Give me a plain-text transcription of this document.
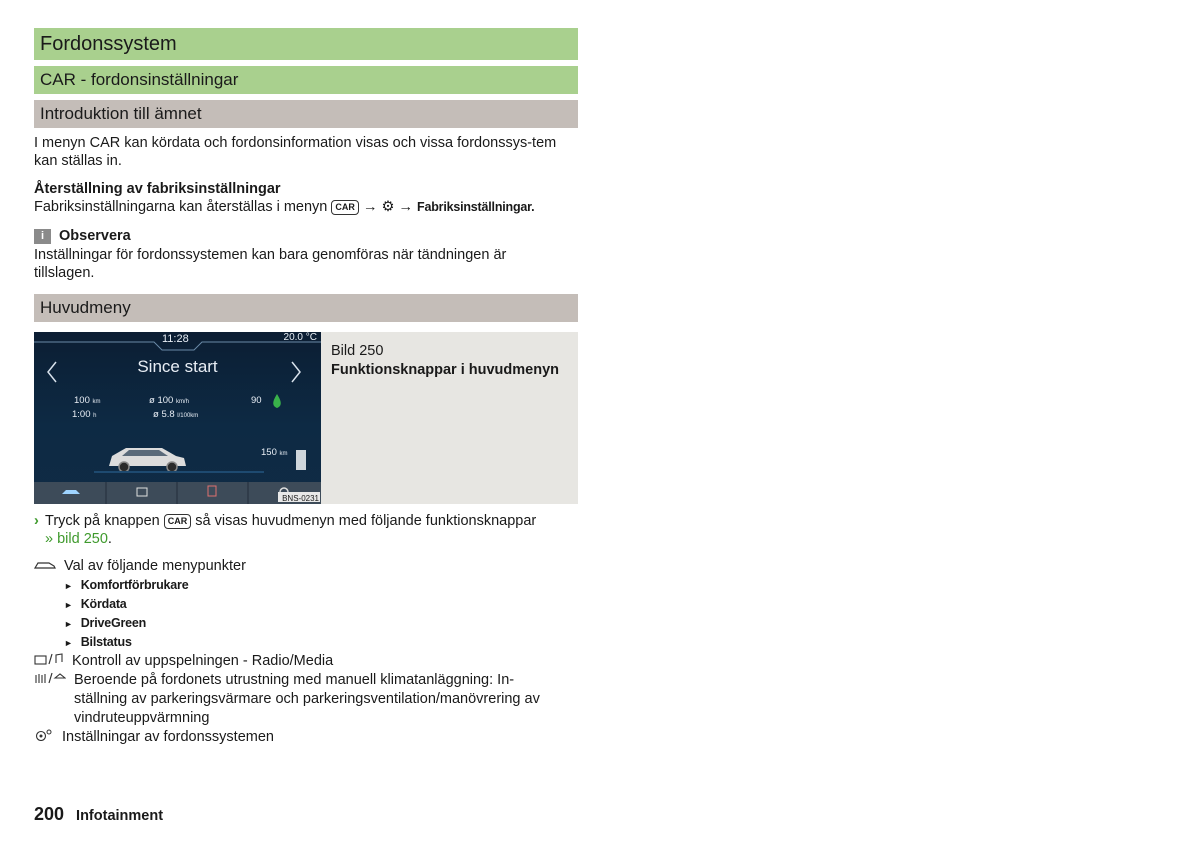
Fordonssystem
CAR - fordonsinställningar
Introduktion till ämnet

I menyn CAR kan kördata och fordonsinformation visas och vissa fordonssys-tem kan ställas in.

Återställning av fabriksinställningar

Fabriksinställningarna kan återställas i menyn CAR → ⚙ → Fabriksinställningar.

i	Observera

Inställningar för fordonssystemen kan bara genomföras när tändningen är tillslagen.

Huvudmeny
11:28	20.0 °C
Since start
100 km	ø 100 km/h	90
1:00 h	ø 5.8 l/100km
150 km
BNS-0231
Bild 250
Funktionsknappar i huvudmenyn
› Tryck på knappen CAR så visas huvudmenyn med följande funktionsknappar
» bild 250.
Val av följande menypunkter
► Komfortförbrukare
► Kördata
► DriveGreen
► Bilstatus
Kontroll av uppspelningen - Radio/Media
Beroende på fordonets utrustning med manuell klimatanläggning: In-ställning av parkeringsvärmare och parkeringsventilation/manövrering av vindruteuppvärmning
Inställningar av fordonssystemen
200 Infotainment
